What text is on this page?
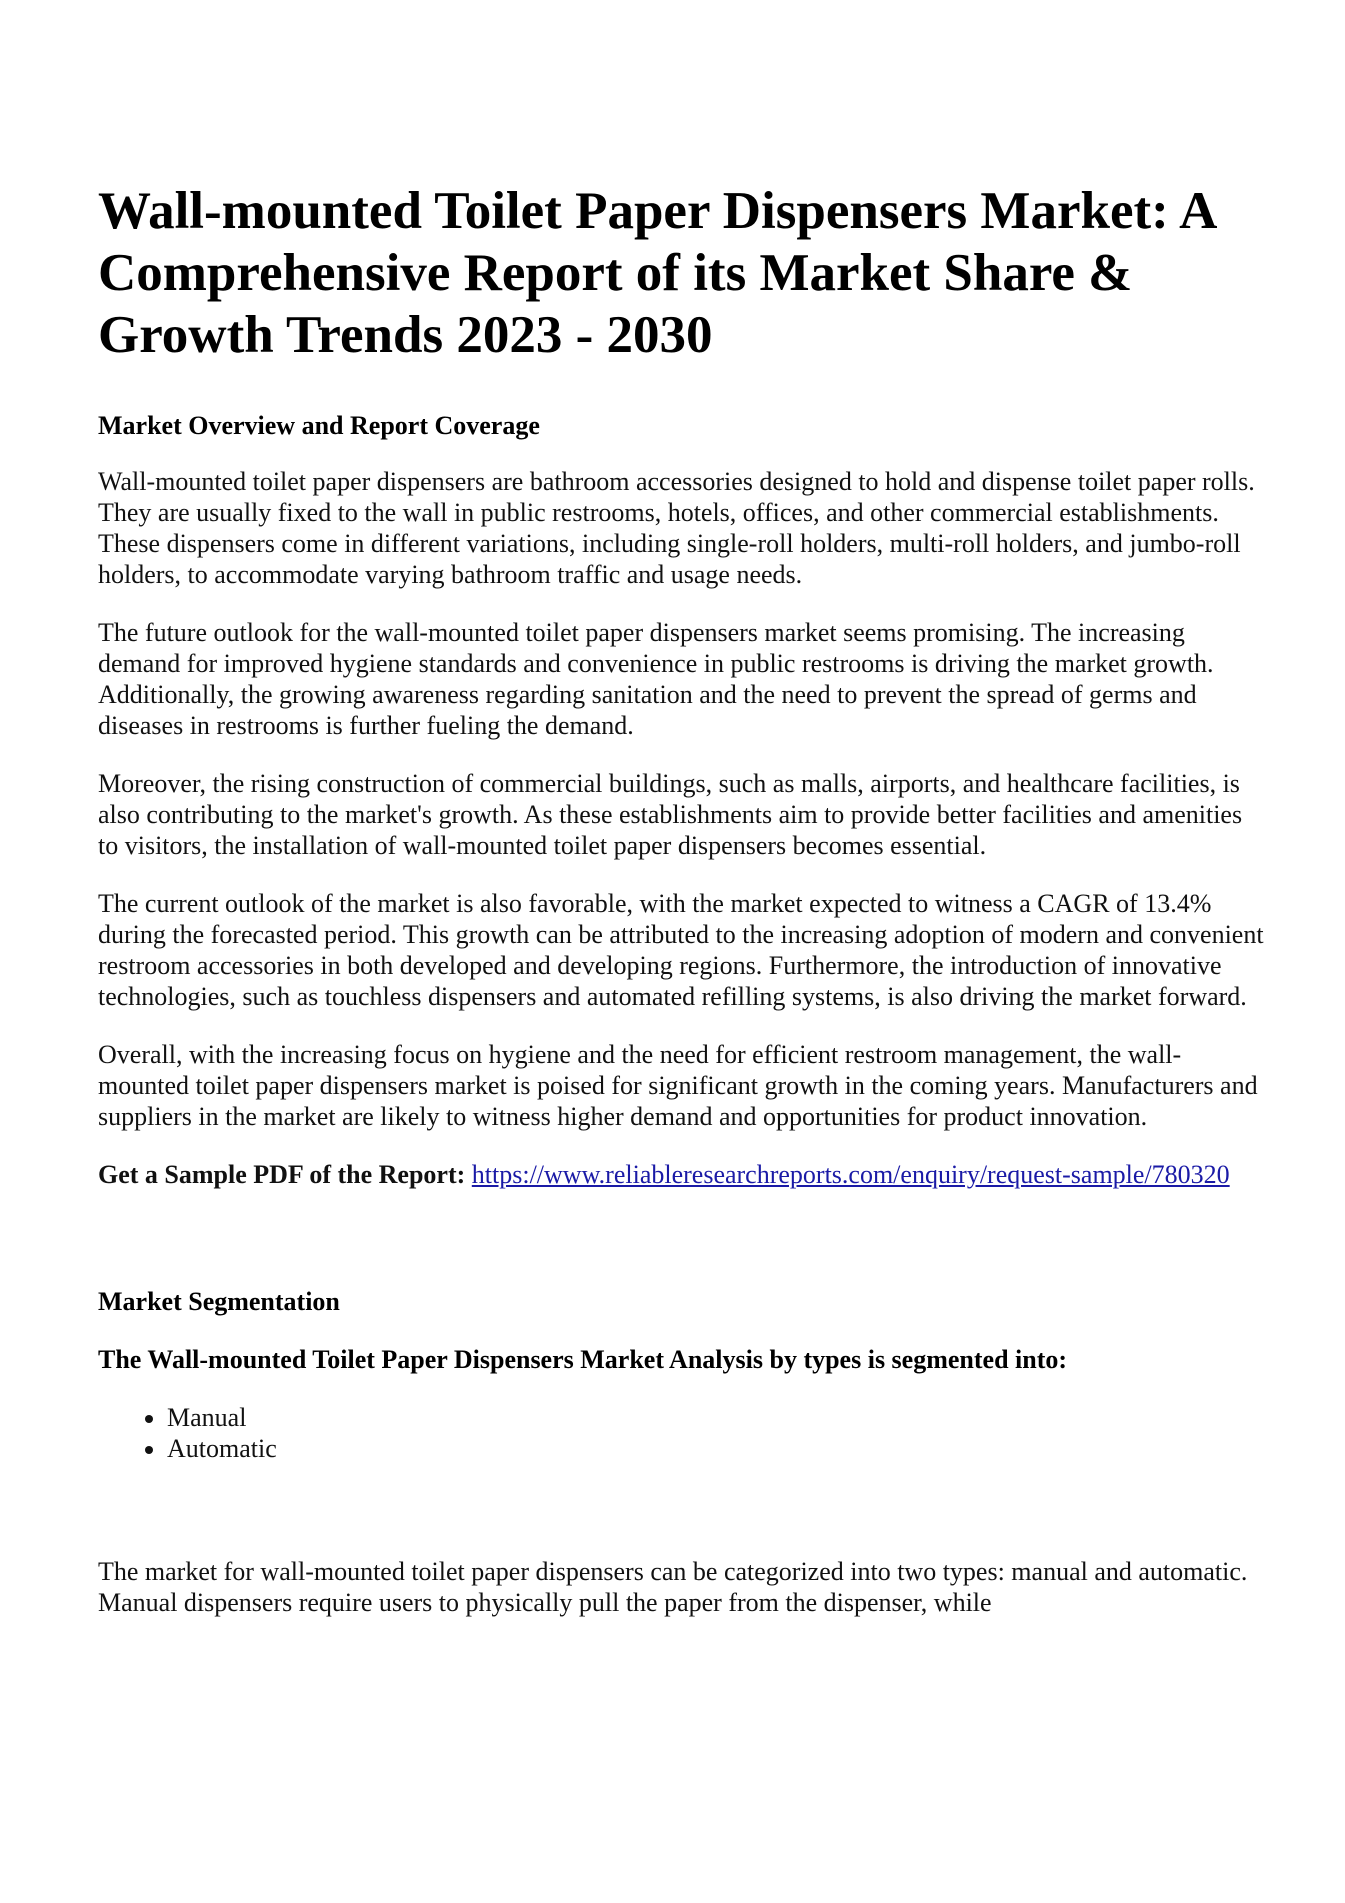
Wall-mounted Toilet Paper Dispensers Market: A Comprehensive Report of its Market Share & Growth Trends 2023 - 2030
Market Overview and Report Coverage

Wall-mounted toilet paper dispensers are bathroom accessories designed to hold and dispense toilet paper rolls. They are usually fixed to the wall in public restrooms, hotels, offices, and other commercial establishments. These dispensers come in different variations, including single-roll holders, multi-roll holders, and jumbo-roll holders, to accommodate varying bathroom traffic and usage needs.

The future outlook for the wall-mounted toilet paper dispensers market seems promising. The increasing demand for improved hygiene standards and convenience in public restrooms is driving the market growth. Additionally, the growing awareness regarding sanitation and the need to prevent the spread of germs and diseases in restrooms is further fueling the demand.

Moreover, the rising construction of commercial buildings, such as malls, airports, and healthcare facilities, is also contributing to the market's growth. As these establishments aim to provide better facilities and amenities to visitors, the installation of wall-mounted toilet paper dispensers becomes essential.

The current outlook of the market is also favorable, with the market expected to witness a CAGR of 13.4% during the forecasted period. This growth can be attributed to the increasing adoption of modern and convenient restroom accessories in both developed and developing regions. Furthermore, the introduction of innovative technologies, such as touchless dispensers and automated refilling systems, is also driving the market forward.

Overall, with the increasing focus on hygiene and the need for efficient restroom management, the wall-mounted toilet paper dispensers market is poised for significant growth in the coming years. Manufacturers and suppliers in the market are likely to witness higher demand and opportunities for product innovation.

Get a Sample PDF of the Report: https://www.reliableresearchreports.com/enquiry/request-sample/780320

Market Segmentation
The Wall-mounted Toilet Paper Dispensers Market Analysis by types is segmented into:
• Manual
• Automatic

The market for wall-mounted toilet paper dispensers can be categorized into two types: manual and automatic. Manual dispensers require users to physically pull the paper from the dispenser, while
